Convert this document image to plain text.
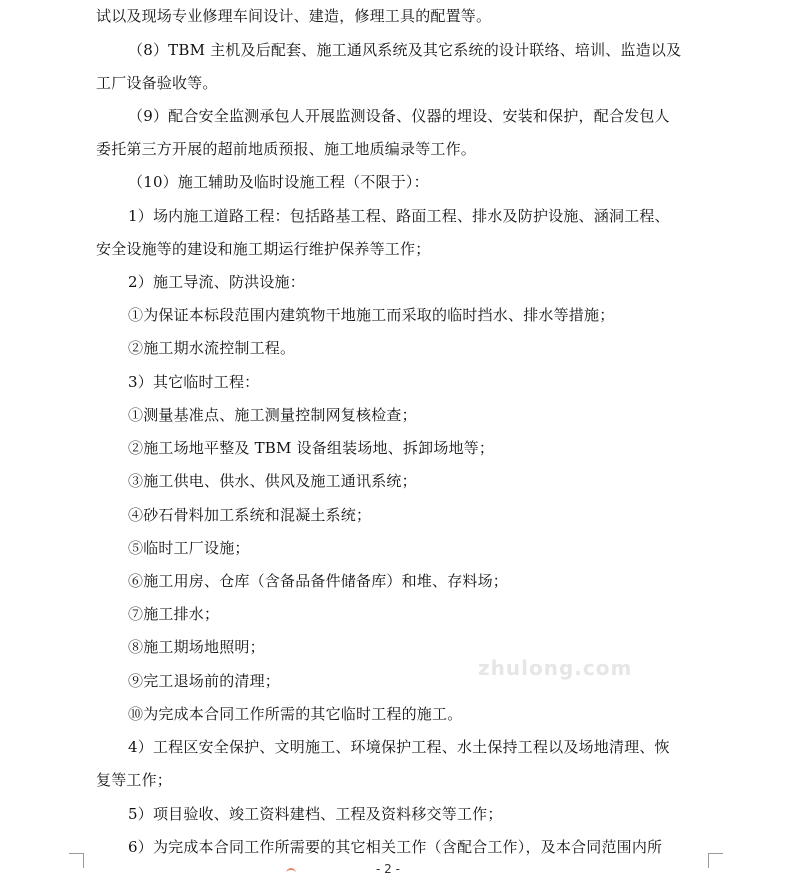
试以及现场专业修理车间设计、建造，修理工具的配置等。
（8）TBM 主机及后配套、施工通风系统及其它系统的设计联络、培训、监造以及
工厂设备验收等。
（9）配合安全监测承包人开展监测设备、仪器的埋设、安装和保护，配合发包人
委托第三方开展的超前地质预报、施工地质编录等工作。
（10）施工辅助及临时设施工程（不限于）：
1）场内施工道路工程：包括路基工程、路面工程、排水及防护设施、涵洞工程、
安全设施等的建设和施工期运行维护保养等工作；
2）施工导流、防洪设施：
①为保证本标段范围内建筑物干地施工而采取的临时挡水、排水等措施；
②施工期水流控制工程。
3）其它临时工程：
①测量基准点、施工测量控制网复核检查；
②施工场地平整及 TBM 设备组装场地、拆卸场地等；
③施工供电、供水、供风及施工通讯系统；
④砂石骨料加工系统和混凝土系统；
⑤临时工厂设施；
⑥施工用房、仓库（含备品备件储备库）和堆、存料场；
⑦施工排水；
⑧施工期场地照明；
⑨完工退场前的清理；
⑩为完成本合同工作所需的其它临时工程的施工。
4）工程区安全保护、文明施工、环境保护工程、水土保持工程以及场地清理、恢
复等工作；
5）项目验收、竣工资料建档、工程及资料移交等工作；
6）为完成本合同工作所需要的其它相关工作（含配合工作），及本合同范围内所
zhulong.com
- 2 -
